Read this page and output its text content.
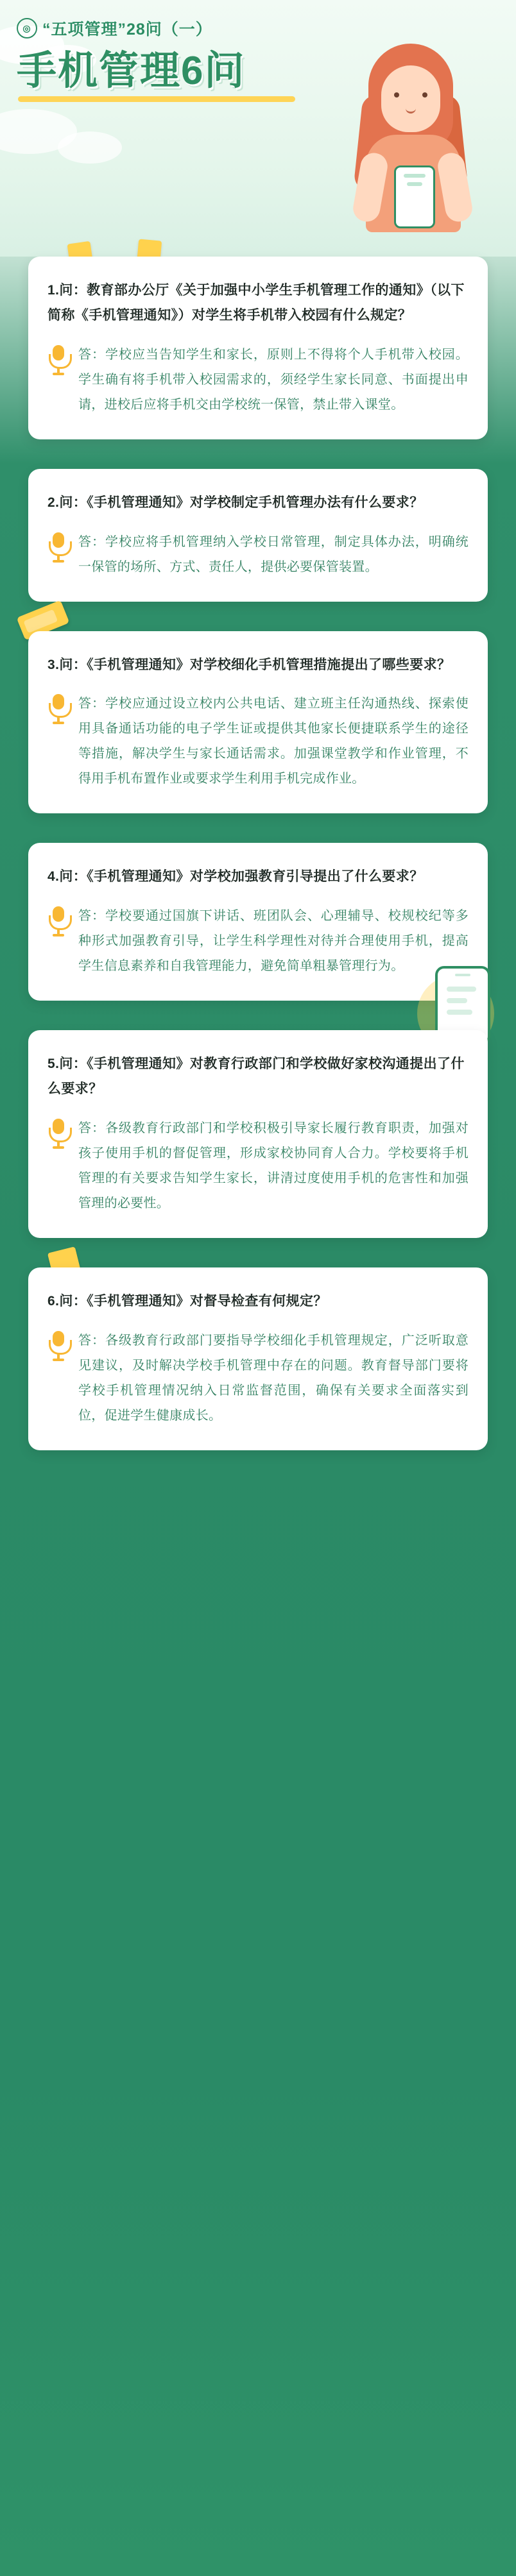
◎ “五项管理”28问（一）
手机管理6问
1.问：教育部办公厅《关于加强中小学生手机管理工作的通知》（以下简称《手机管理通知》）对学生将手机带入校园有什么规定？
答：学校应当告知学生和家长，原则上不得将个人手机带入校园。学生确有将手机带入校园需求的，须经学生家长同意、书面提出申请，进校后应将手机交由学校统一保管，禁止带入课堂。
2.问：《手机管理通知》对学校制定手机管理办法有什么要求？
答：学校应将手机管理纳入学校日常管理，制定具体办法，明确统一保管的场所、方式、责任人，提供必要保管装置。
3.问：《手机管理通知》对学校细化手机管理措施提出了哪些要求？
答：学校应通过设立校内公共电话、建立班主任沟通热线、探索使用具备通话功能的电子学生证或提供其他家长便捷联系学生的途径等措施，解决学生与家长通话需求。加强课堂教学和作业管理，不得用手机布置作业或要求学生利用手机完成作业。
4.问：《手机管理通知》对学校加强教育引导提出了什么要求？
答：学校要通过国旗下讲话、班团队会、心理辅导、校规校纪等多种形式加强教育引导，让学生科学理性对待并合理使用手机，提高学生信息素养和自我管理能力，避免简单粗暴管理行为。
5.问：《手机管理通知》对教育行政部门和学校做好家校沟通提出了什么要求？
答：各级教育行政部门和学校积极引导家长履行教育职责，加强对孩子使用手机的督促管理，形成家校协同育人合力。学校要将手机管理的有关要求告知学生家长，讲清过度使用手机的危害性和加强管理的必要性。
6.问：《手机管理通知》对督导检查有何规定？
答：各级教育行政部门要指导学校细化手机管理规定，广泛听取意见建议，及时解决学校手机管理中存在的问题。教育督导部门要将学校手机管理情况纳入日常监督范围，确保有关要求全面落实到位，促进学生健康成长。
